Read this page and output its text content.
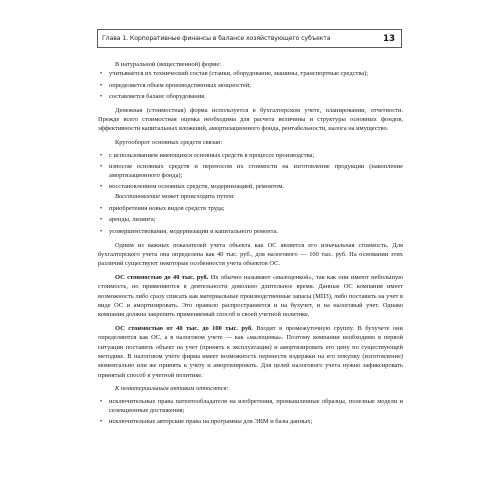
Глава 1. Корпоративные финансы в балансе хозяйствующего субъекта	13

В натуральной (вещественной) форме:

• учитывается их технический состав (станки, оборудование, машины, транспортные средства);

• определяется объем производственных мощностей;

• составляется баланс оборудования.

Денежная (стоимостная) форма используется в бухгалтерском учете, планировании, отчетности. Прежде всего стоимостная оценка необходима для расчета величины и структуры основных фондов, эффективности капитальных вложений, амортизационного фонда, рентабельности, налога на имущество.

Кругооборот основных средств связан:

• с использованием имеющихся основных средств в процессе производства;

• износом основных средств и переносом их стоимости на изготовление продукции (накопление амортизационного фонда);

• восстановлением основных средств, модернизацией, ремонтом.

Восстановление может происходить путем:

• приобретения новых видов средств труда;

• аренды, лизинга;

• усовершенствования, модернизации и капитального ремонта.

Одним из важных показателей учета объекта как ОС является его изначальная стоимость. Для бухгалтерского учета она определена как 40 тыс. руб., для налогового — 100 тыс. руб. На основании этих различий существуют некоторые особенности учета объектов ОС.

ОС стоимостью до 40 тыс. руб. Их обычно называют «малоценкой», так как они имеют небольшую стоимость, но применяются в деятельности довольно длительное время. Данные ОС компания имеет возможность либо сразу списать как материальные производственные запасы (МПЗ), либо поставить на учет в виде ОС и амортизировать. Это правило распространяется и на бухучет, и на налоговый учет. Однако компания должна закрепить применяемый способ в своей учетной политике.

ОС стоимостью от 40 тыс. до 100 тыс. руб. Входят в промежуточную группу. В бухучете они определяются как ОС, а в налоговом учете — как «малоценка». Поэтому компании необходимо в первой ситуации поставить объект на учет (принять к эксплуатации) и амортизировать его цену по существующей методике. В налоговом учете фирма имеет возможность перенести издержки на его покупку (изготовление) моментально или же принять к учету и амортизировать. Для целей налогового учета нужно зафиксировать принятый способ в учетной политике.

К нематериальным активам относятся:

• исключительные права патентообладателя на изобретения, промышленные образцы, полезные модели и селекционные достижения;

• исключительные авторские права на программы для ЭВМ и базы данных;
